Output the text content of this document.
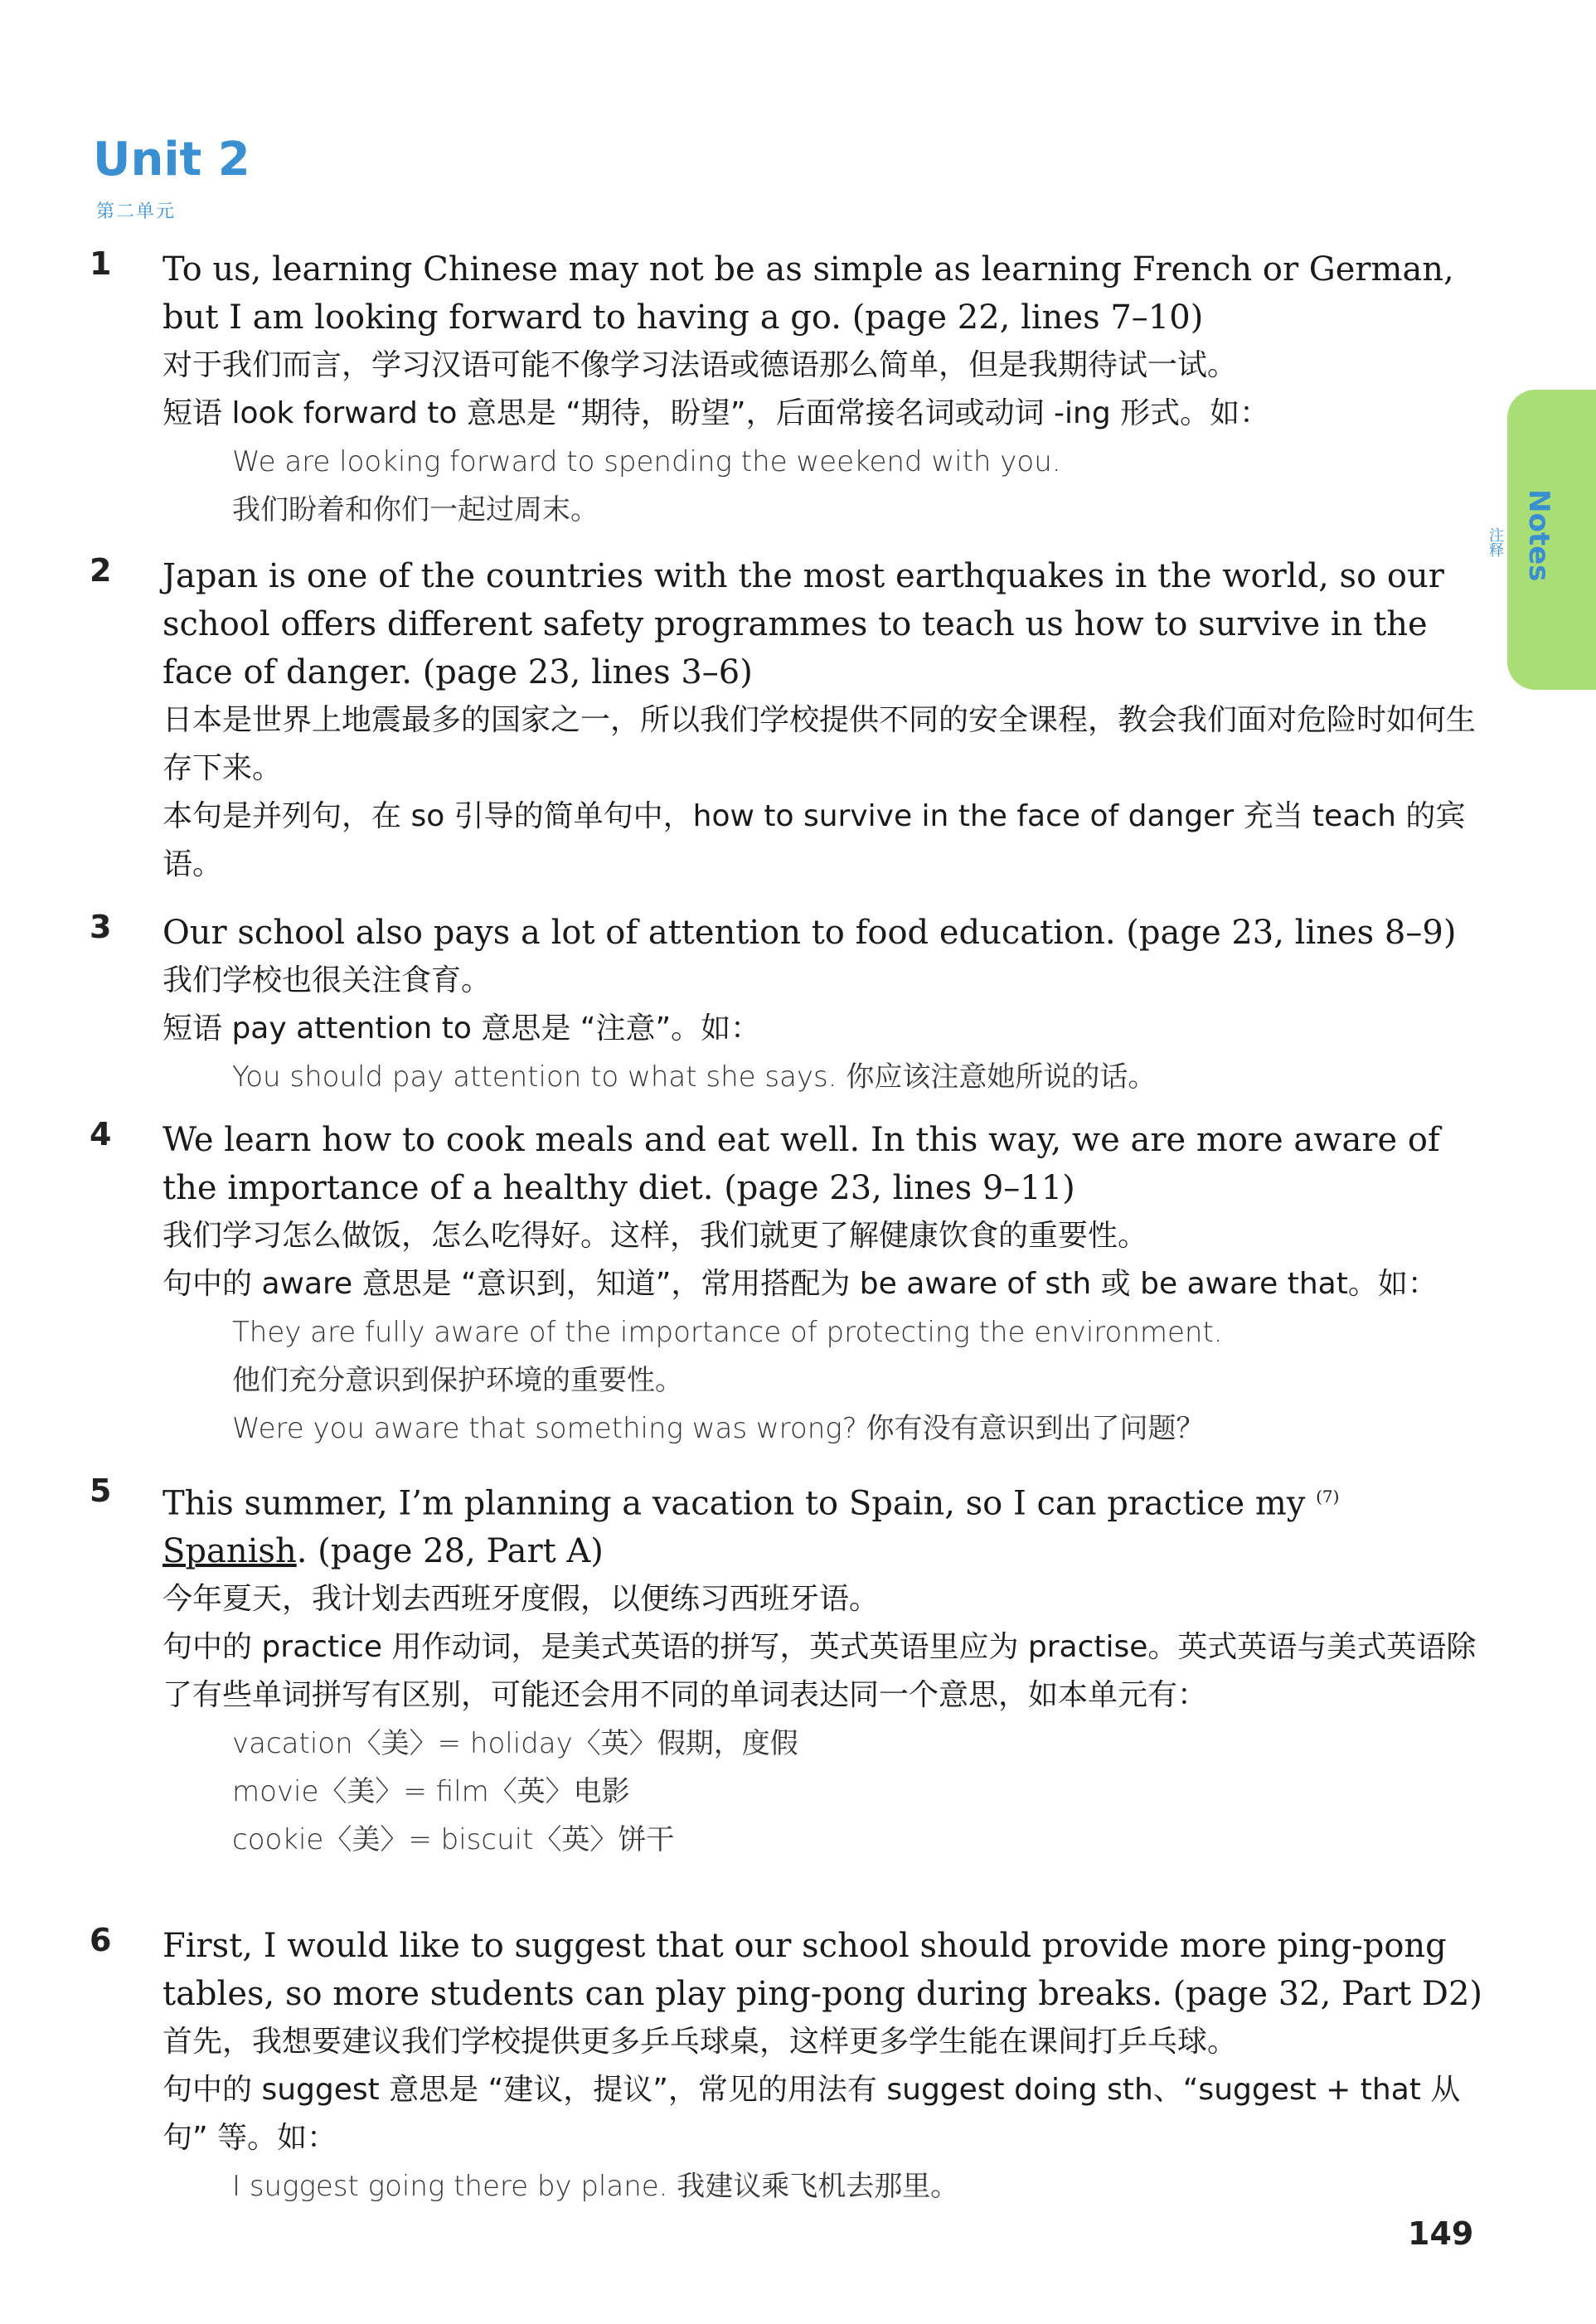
Unit 2
第二单元
Notes
注释
1 To us, learning Chinese may not be as simple as learning French or German, but I am looking forward to having a go. (page 22, lines 7–10)

对于我们而言，学习汉语可能不像学习法语或德语那么简单，但是我期待试一试。

短语 look forward to 意思是 “期待，盼望”，后面常接名词或动词 -ing 形式。如：

We are looking forward to spending the weekend with you.

我们盼着和你们一起过周末。

2 Japan is one of the countries with the most earthquakes in the world, so our school offers different safety programmes to teach us how to survive in the face of danger. (page 23, lines 3–6)

日本是世界上地震最多的国家之一，所以我们学校提供不同的安全课程，教会我们面对危险时如何生存下来。

本句是并列句，在 so 引导的简单句中，how to survive in the face of danger 充当 teach 的宾语。

3 Our school also pays a lot of attention to food education. (page 23, lines 8–9)

我们学校也很关注食育。

短语 pay attention to 意思是 “注意”。如：

You should pay attention to what she says. 你应该注意她所说的话。

4 We learn how to cook meals and eat well. In this way, we are more aware of the importance of a healthy diet. (page 23, lines 9–11)

我们学习怎么做饭，怎么吃得好。这样，我们就更了解健康饮食的重要性。

句中的 aware 意思是 “意识到，知道”，常用搭配为 be aware of sth 或 be aware that。如：

They are fully aware of the importance of protecting the environment.

他们充分意识到保护环境的重要性。

Were you aware that something was wrong? 你有没有意识到出了问题？

5 This summer, I’m planning a vacation to Spain, so I can practice my $^{(7)}$ Spanish. (page 28, Part A)

今年夏天，我计划去西班牙度假，以便练习西班牙语。

句中的 practice 用作动词，是美式英语的拼写，英式英语里应为 practise。英式英语与美式英语除了有些单词拼写有区别，可能还会用不同的单词表达同一个意思，如本单元有：

vacation〈美〉= holiday〈英〉假期，度假

movie〈美〉= film〈英〉电影

cookie〈美〉= biscuit〈英〉饼干

6 First, I would like to suggest that our school should provide more ping-pong tables, so more students can play ping-pong during breaks. (page 32, Part D2)

首先，我想要建议我们学校提供更多乒乓球桌，这样更多学生能在课间打乒乓球。

句中的 suggest 意思是 “建议，提议”，常见的用法有 suggest doing sth、“suggest + that 从句” 等。如：

I suggest going there by plane. 我建议乘飞机去那里。

149
